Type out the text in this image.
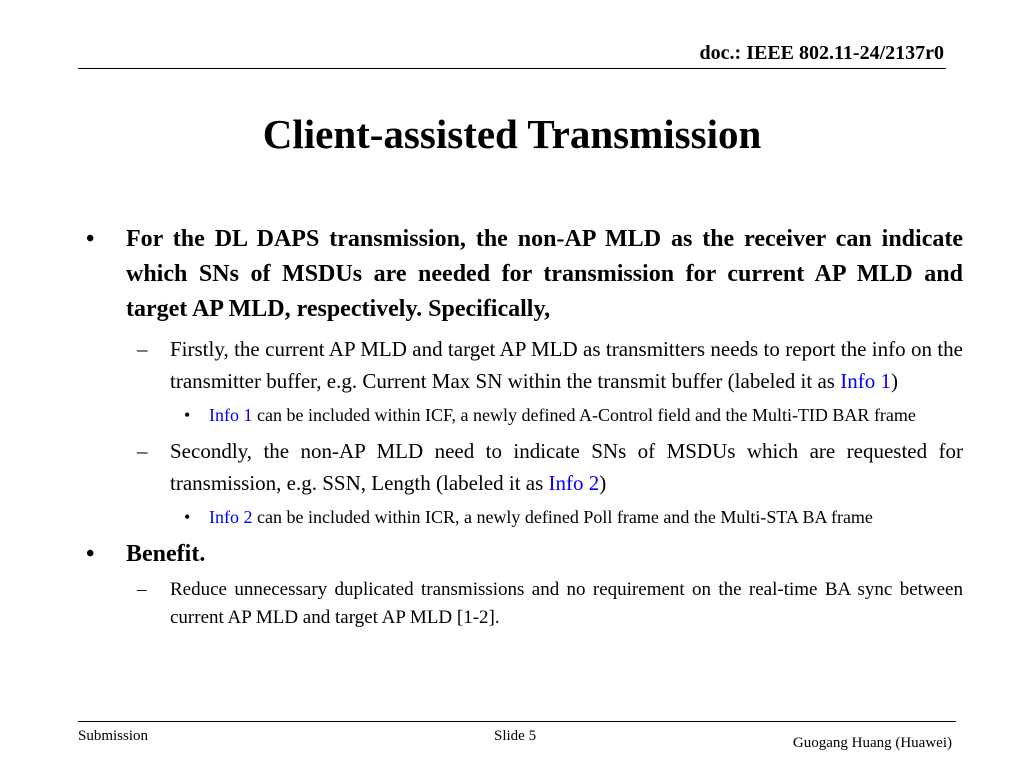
doc.: IEEE 802.11-24/2137r0
Client-assisted Transmission
• For the DL DAPS transmission, the non-AP MLD as the receiver can indicate which SNs of MSDUs are needed for transmission for current AP MLD and target AP MLD, respectively. Specifically,
– Firstly, the current AP MLD and target AP MLD as transmitters needs to report the info on the transmitter buffer, e.g. Current Max SN within the transmit buffer (labeled it as Info 1)
• Info 1 can be included within ICF, a newly defined A-Control field and the Multi-TID BAR frame
– Secondly, the non-AP MLD need to indicate SNs of MSDUs which are requested for transmission, e.g. SSN, Length (labeled it as Info 2)
• Info 2 can be included within ICR, a newly defined Poll frame and the Multi-STA BA frame
• Benefit.
– Reduce unnecessary duplicated transmissions and no requirement on the real-time BA sync between current AP MLD and target AP MLD [1-2].
Submission	Slide 5	Guogang Huang (Huawei)
